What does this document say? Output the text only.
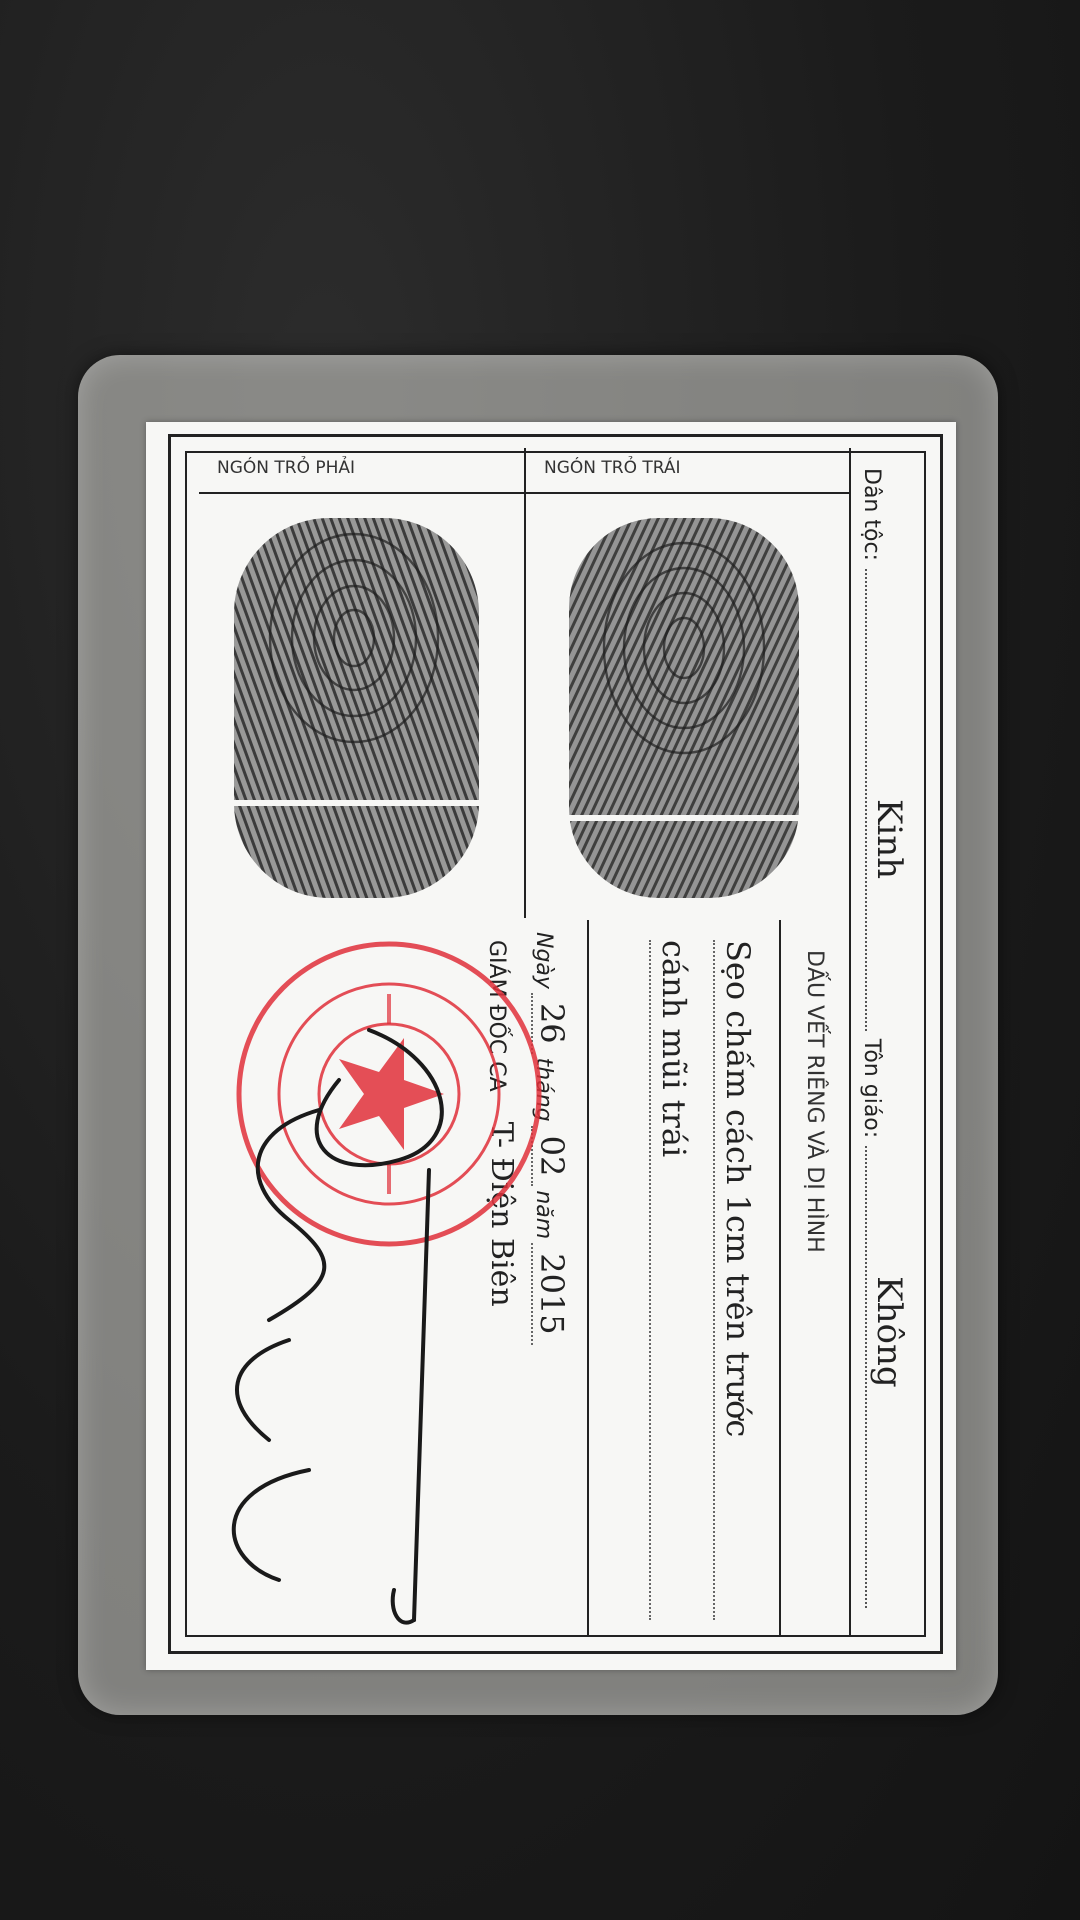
Dân tộc:
Kinh
Tôn giáo:
Không
NGÓN TRỎ TRÁI
NGÓN TRỎ PHẢI
DẤU VẾT RIÊNG VÀ DỊ HÌNH
Sẹo chấm cách 1cm trên trước
cánh mũi trái
Ngày
26
tháng
02
năm
2015
GIÁM ĐỐC CA
T- Điện Biên
